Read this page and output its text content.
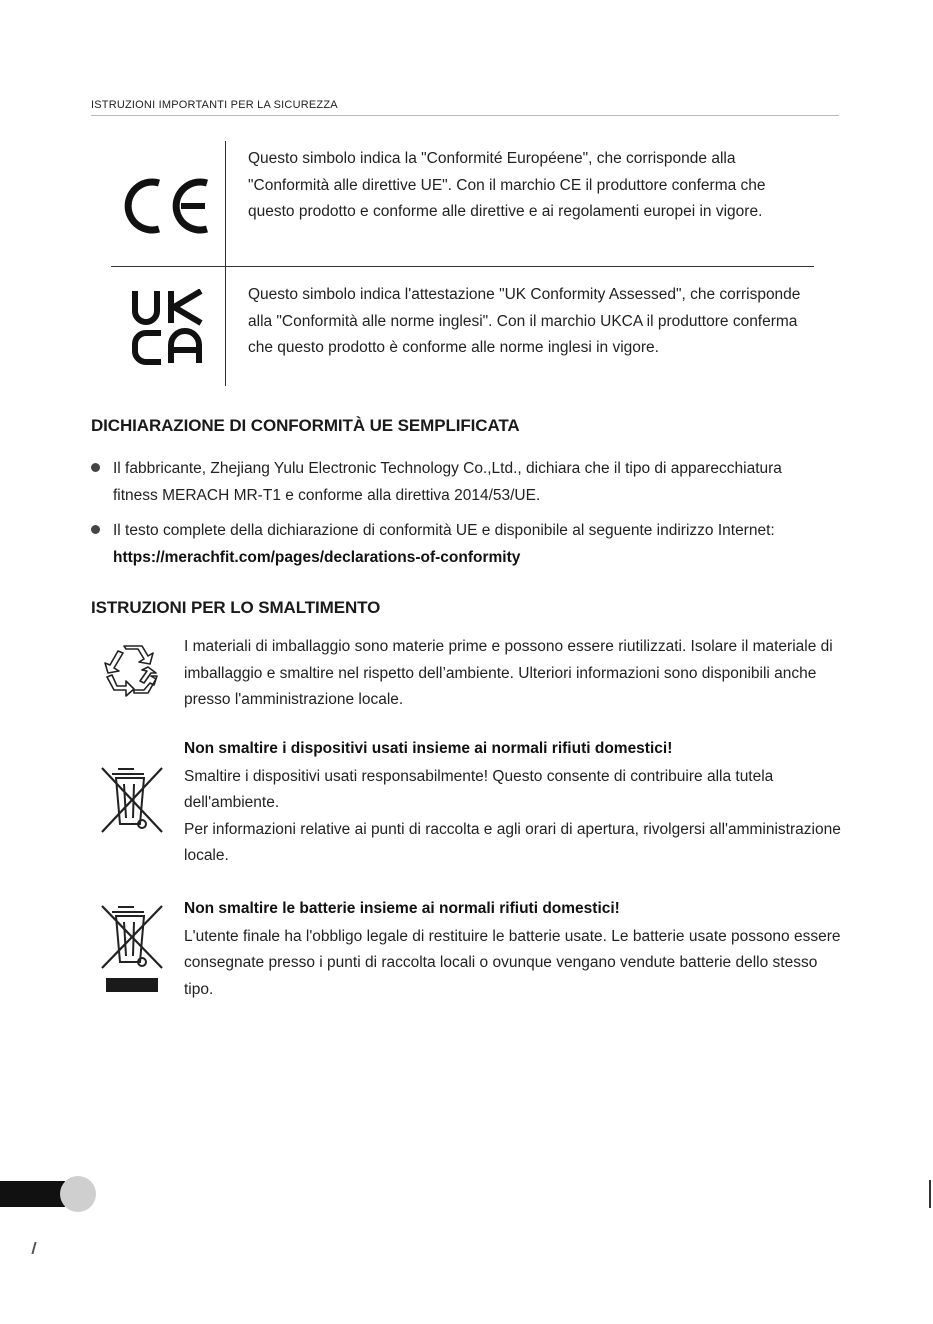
ISTRUZIONI IMPORTANTI PER LA SICUREZZA

Questo simbolo indica la "Conformité Européene", che corrisponde alla "Conformità alle direttive UE". Con il marchio CE il produttore conferma che questo prodotto e conforme alle direttive e ai regolamenti europei in vigore.

Questo simbolo indica l'attestazione "UK Conformity Assessed", che corrisponde alla "Conformità alle norme inglesi". Con il marchio UKCA il produttore conferma che questo prodotto è conforme alle norme inglesi in vigore.

DICHIARAZIONE DI CONFORMITÀ UE SEMPLIFICATA

Il fabbricante, Zhejiang Yulu Electronic Technology Co.,Ltd., dichiara che il tipo di apparecchiatura fitness MERACH MR-T1 e conforme alla direttiva 2014/53/UE.

Il testo complete della dichiarazione di conformità UE e disponibile al seguente indirizzo Internet: https://merachfit.com/pages/declarations-of-conformity

ISTRUZIONI PER LO SMALTIMENTO

I materiali di imballaggio sono materie prime e possono essere riutilizzati. Isolare il materiale di imballaggio e smaltire nel rispetto dell’ambiente. Ulteriori informazioni sono disponibili anche presso l'amministrazione locale.

Non smaltire i dispositivi usati insieme ai normali rifiuti domestici!
Smaltire i dispositivi usati responsabilmente! Questo consente di contribuire alla tutela dell'ambiente.
Per informazioni relative ai punti di raccolta e agli orari di apertura, rivolgersi all'amministrazione locale.
Non smaltire le batterie insieme ai normali rifiuti domestici!
L'utente finale ha l'obbligo legale di restituire le batterie usate. Le batterie usate possono essere consegnate presso i punti di raccolta locali o ovunque vengano vendute batterie dello stesso tipo.
